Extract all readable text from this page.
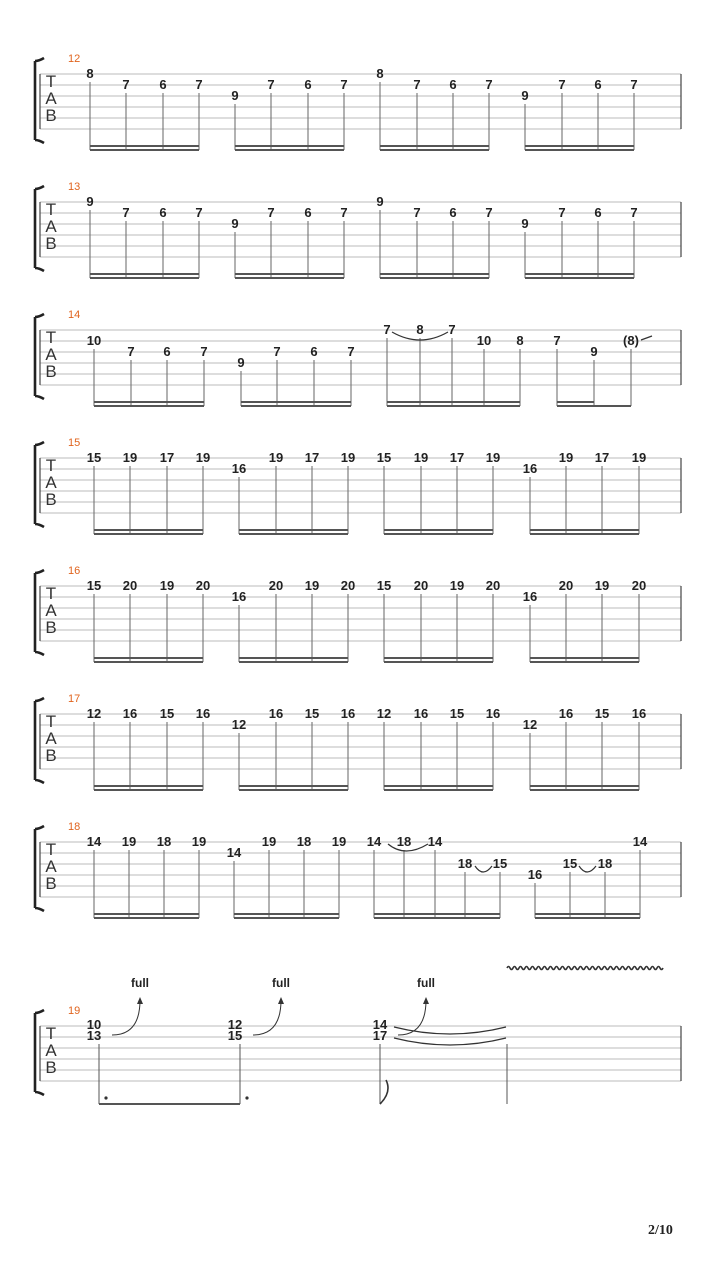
2/10
T
A
B
12
8
7 6 7
9
7 6 7
8
7 6 7
9
7 6 7
T
A
B
13
9
7 6 7
9
7 6 7
9
7 6 7
9
7 6 7
T
A
B
14
10
7 6 7
9
7 6 7
7 8 7
10 8 7
9
(8)
T
A
B
15
15 19 17 19
16
19 17 19 15 19 17 19
16
19 17 19
T
A
B
16
15 20 19 20
16
20 19 20 15 20 19 20
16
20 19 20
T
A
B
17
12 16 15 16
12
16 15 16 12 16 15 16
12
16 15 16
T
A
B
18
14 19 18 19
14
19 18 19 14 18 14
18 15
16
15 18
14
T
A
B
19
10
13
full
12
15
full
14
17
full
